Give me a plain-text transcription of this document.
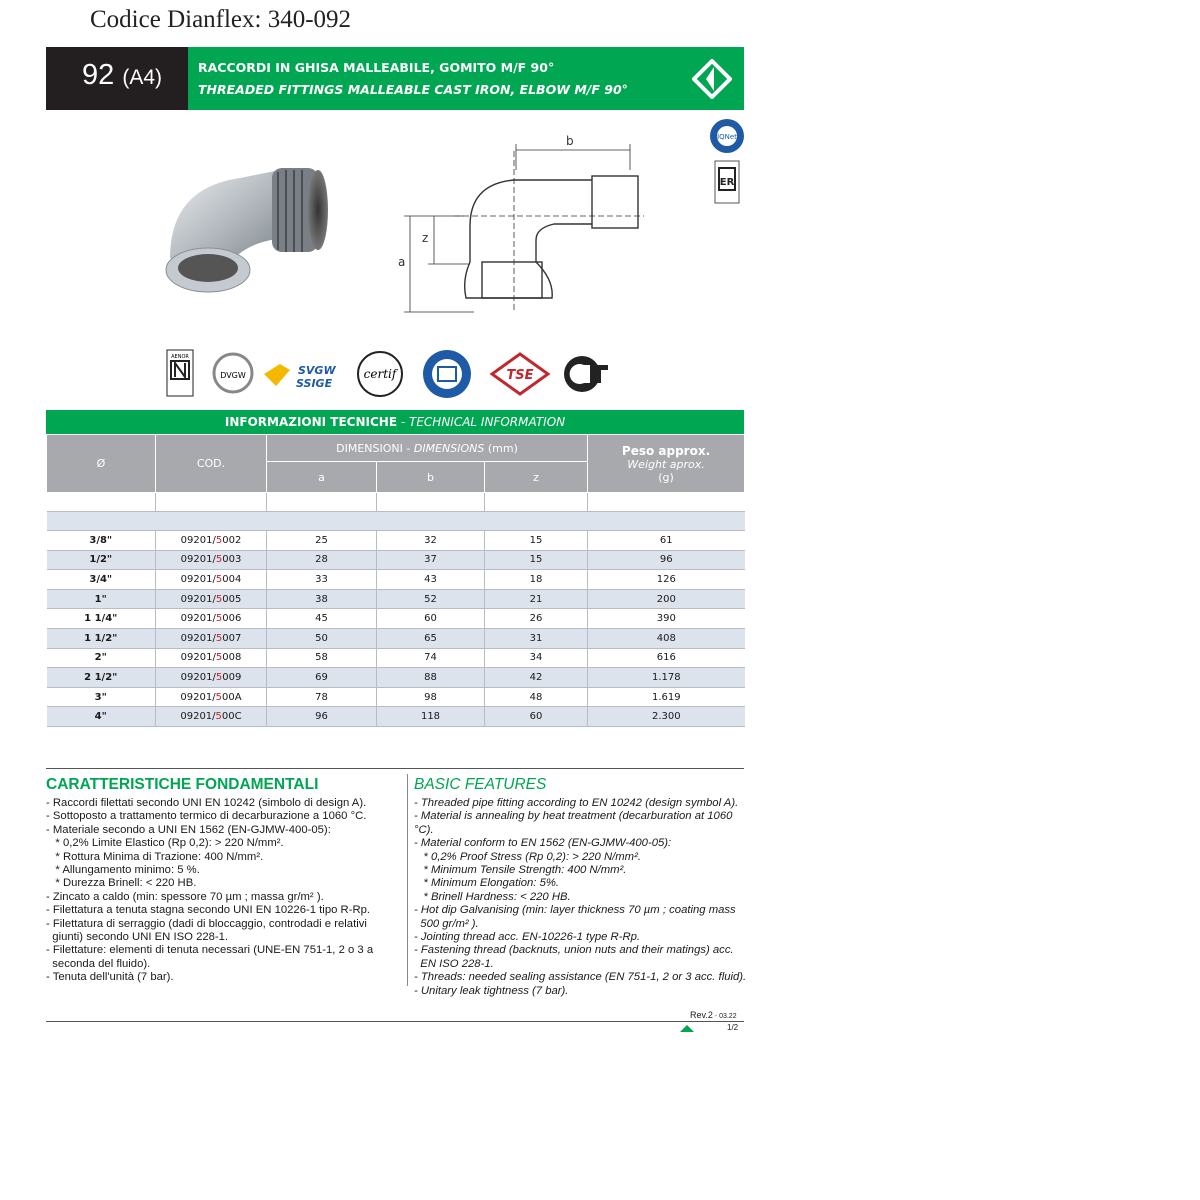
Codice Dianflex: 340-092
92 (A4)	RACCORDI IN GHISA MALLEABILE, GOMITO M/F 90°
THREADED FITTINGS MALLEABLE CAST IRON, ELBOW M/F 90°
IQNet
ER
b
a
z
AENOR
DVGW	SVGW
SSIGE
certif	TSE
INFORMAZIONI TECNICHE - TECHNICAL INFORMATION
Ø	COD.	DIMENSIONI - DIMENSIONS (mm)			Peso approx.
Weight aprox.
(g)
		a	b	z	

3/8"	09201/5002	25	32	15	61
1/2"	09201/5003	28	37	15	96
3/4"	09201/5004	33	43	18	126
1"	09201/5005	38	52	21	200
1 1/4"	09201/5006	45	60	26	390
1 1/2"	09201/5007	50	65	31	408
2"	09201/5008	58	74	34	616
2 1/2"	09201/5009	69	88	42	1.178
3"	09201/500A	78	98	48	1.619
4"	09201/500C	96	118	60	2.300
CARATTERISTICHE FONDAMENTALI	BASIC FEATURES
- Raccordi filettati secondo UNI EN 10242 (simbolo di design A).
- Sottoposto a trattamento termico di decarburazione a 1060 °C.
- Materiale secondo a UNI EN 1562 (EN-GJMW-400-05):
* 0,2% Limite Elastico (Rp 0,2): > 220 N/mm².
* Rottura Minima di Trazione: 400 N/mm².
* Allungamento minimo: 5 %.
* Durezza Brinell: < 220 HB.
- Zincato a caldo (min: spessore 70 µm ; massa gr/m² ).
- Filettatura a tenuta stagna secondo UNI EN 10226-1 tipo R-Rp.
- Filettatura di serraggio (dadi di bloccaggio, controdadi e relativi
giunti) secondo UNI EN ISO 228-1.
- Filettature: elementi di tenuta necessari (UNE-EN 751-1, 2 o 3 a
seconda del fluido).
- Tenuta dell'unità (7 bar).
- Threaded pipe fitting according to EN 10242 (design symbol A).
- Material is annealing by heat treatment (decarburation at 1060 °C).
- Material conform to EN 1562 (EN-GJMW-400-05):
* 0,2% Proof Stress (Rp 0,2): > 220 N/mm².
* Minimum Tensile Strength: 400 N/mm².
* Minimum Elongation: 5%.
* Brinell Hardness: < 220 HB.
- Hot dip Galvanising (min: layer thickness 70 µm ; coating mass
500 gr/m² ).
- Jointing thread acc. EN-10226-1 type R-Rp.
- Fastening thread (backnuts, union nuts and their matings) acc.
EN ISO 228-1.
- Threads: needed sealing assistance (EN 751-1, 2 or 3 acc. fluid).
- Unitary leak tightness (7 bar).
Rev.2 - 03.22
1/2
